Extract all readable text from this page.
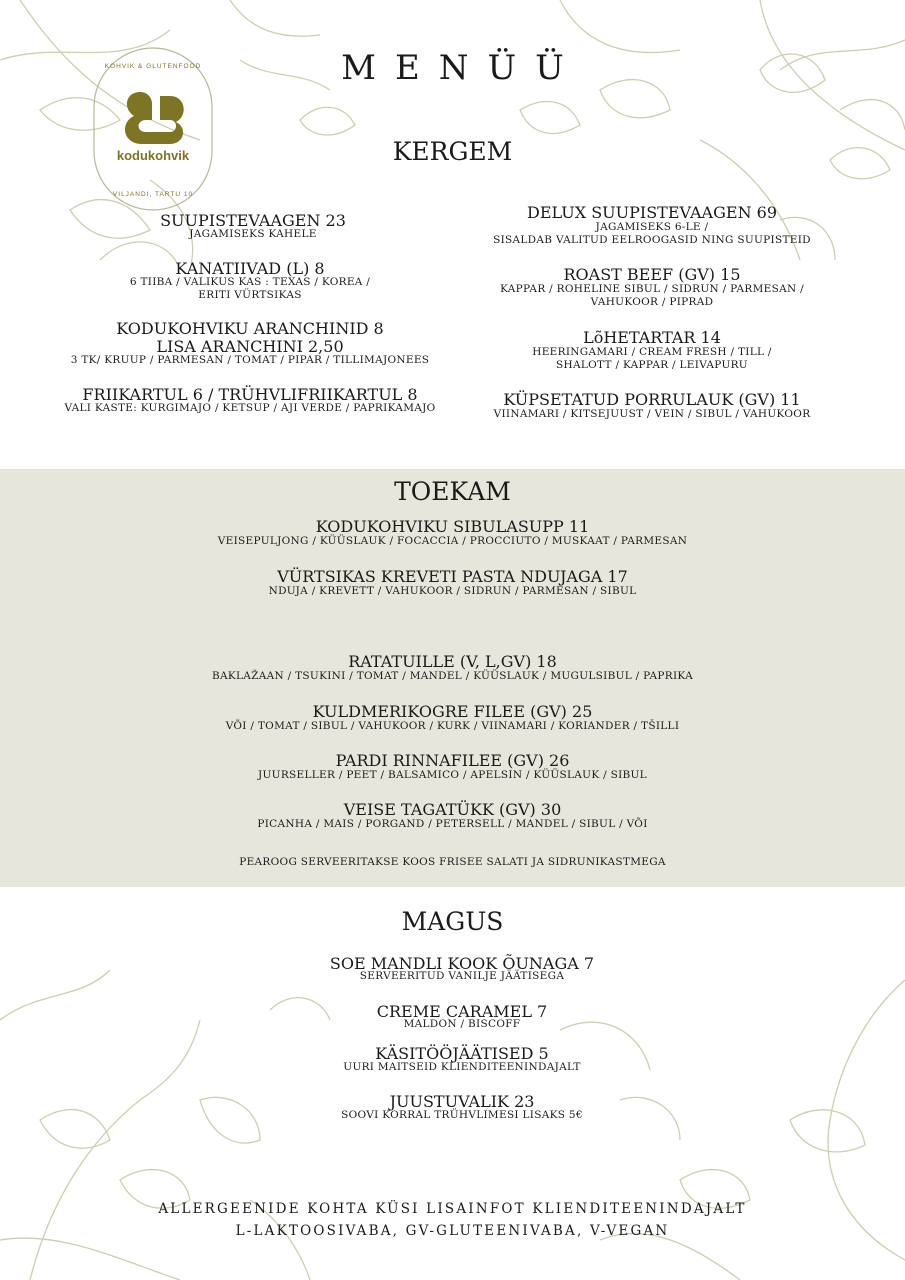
kodukohvik
KOHVIK & GLUTENFOOD
VILJANDI, TARTU 10
MENÜÜ
KERGEM
SUUPISTEVAAGEN 23
JAGAMISEKS KAHELE
KANATIIVAD (L) 8
6 TIIBA / VALIKUS KAS : TEXAS / KOREA /
ERITI VÜRTSIKAS
KODUKOHVIKU ARANCHINID 8
LISA ARANCHINI 2,50
3 TK/ KRUUP / PARMESAN / TOMAT / PIPAR / TILLIMAJONEES
FRIIKARTUL 6 / TRÜHVLIFRIIKARTUL 8
VALI KASTE: KURGIMAJO / KETSUP / AJI VERDE / PAPRIKAMAJO
DELUX SUUPISTEVAAGEN 69
JAGAMISEKS 6-LE /
SISALDAB VALITUD EELROOGASID NING SUUPISTEID
ROAST BEEF (GV) 15
KAPPAR / ROHELINE SIBUL / SIDRUN / PARMESAN /
VAHUKOOR / PIPRAD
LõHETARTAR 14
HEERINGAMARI / CREAM FRESH / TILL /
SHALOTT / KAPPAR / LEIVAPURU
KÜPSETATUD PORRULAUK (GV) 11
VIINAMARI / KITSEJUUST / VEIN / SIBUL / VAHUKOOR
TOEKAM
KODUKOHVIKU SIBULASUPP 11
VEISEPULJONG / KÜÜSLAUK / FOCACCIA / PROCCIUTO / MUSKAAT / PARMESAN
VÜRTSIKAS KREVETI PASTA NDUJAGA 17
NDUJA / KREVETT / VAHUKOOR / SIDRUN / PARMESAN / SIBUL
RATATUILLE (V, L,GV) 18
BAKLAŽAAN / TSUKINI / TOMAT / MANDEL / KÜÜSLAUK / MUGULSIBUL / PAPRIKA
KULDMERIKOGRE FILEE (GV) 25
VÕI / TOMAT / SIBUL / VAHUKOOR / KURK / VIINAMARI / KORIANDER / TŠILLI
PARDI RINNAFILEE (GV) 26
JUURSELLER / PEET / BALSAMICO / APELSIN / KÜÜSLAUK / SIBUL
VEISE TAGATÜKK (GV) 30
PICANHA / MAIS / PORGAND / PETERSELL / MANDEL / SIBUL / VÕI
PEAROOG SERVEERITAKSE KOOS FRISEE SALATI JA SIDRUNIKASTMEGA
MAGUS
SOE MANDLI KOOK ÕUNAGA 7
SERVEERITUD VANILJE JÄÄTISEGA
CREME CARAMEL 7
MALDON / BISCOFF
KÄSITÖÖJÄÄTISED 5
UURI MAITSEID KLIENDITEENINDAJALT
JUUSTUVALIK 23
SOOVI KORRAL TRÜHVLIMESI LISAKS 5€
ALLERGEENIDE KOHTA KÜSI LISAINFOT KLIENDITEENINDAJALT
L-LAKTOOSIVABA, GV-GLUTEENIVABA, V-VEGAN
